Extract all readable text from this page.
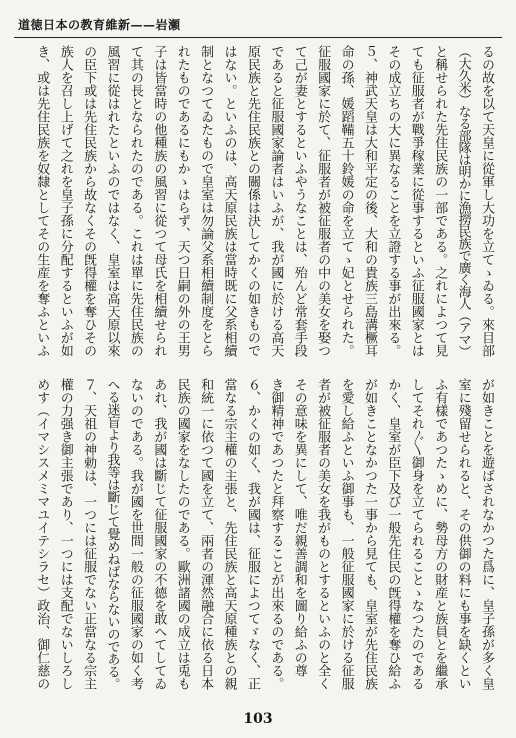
道徳日本の教育維新——岩瀬
るの故を以て天皇に從軍し大功を立てゝゐる。來目部
（大久米）なる部隊は明かに漁撈民族で廣く海人（アマ）
と稱せられた先住民族の一部である。之れによつて見
ても征服者が戰爭稼業に從事するといふ征服國家とは
その成立ちの大に異なることを立證する事が出來る。
５、神武天皇は大和平定の後、大和の貴族三島溝橛耳
命の孫、媛蹈鞴五十鈴媛の命を立てゝ妃とせられた。
征服國家に於て、征服者が被征服者の中の美女を娶つ
て己が妻とするといふやうなことは、殆んど常套手段
であると征服國家論者はいふが、我が國に於ける高天
原民族と先住民族との關係は決してかくの如きもので
はない。といふのは、高天原民族は當時既に父系相續
制となつてゐたもので皇室は勿論父系相續制度をとら
れたものであるにもかゝはらず、天つ日嗣の外の王男
子は皆當時の他種族の風習に從つて母氏を相續せられ
て其の長となられたのである。これは單に先住民族の
風習に從はれたといふのではなく、皇室は高天原以來
の臣下或は先住民族から故なくその旣得權を奪ひその
族人を召し上げて之れを皇子孫に分配するといふが如
き、或は先住民族を奴隸としてその生産を奪ふといふ
が如きことを遊ばされなかつた爲に、皇子孫が多く皇
室に殘留せられると、その供御の料にも事を缺くとい
ふ有樣であつたゝめに、勢母方の財産と族員とを繼承
してそれ〴〵御身を立てられることゝなつたのである
かく、皇室が臣下及び一般先住民の旣得權を奪ひ給ふ
が如きことなかつた一事から見ても、皇室が先住民族
を愛し給ふといふ御事も、一般征服國家に於ける征服
者が被征服者の美女を我がものとするといふのと全く
その意味を異にして、唯だ親善調和を圖り給ふの尊
き御精神であつたと拜察することが出來るのである。
６、かくの如く、我が國は、征服によつてゞなく、正
當なる宗主權の主張と、先住民族と高天原種族との親
和統一に依つて國を立て、兩者の渾然融合に依る日本
民族の國家をなしたのである。歐洲諸國の成立は兎も
あれ、我が國は斷じて征服國家の不德を敢へてしてゐ
ないのである。我が國を世間一般の征服國家の如く考
へる迷盲より我等は斷じて覺めねばならないのである。
７、天祖の神勅は、一つには征服でない正當なる宗主
權の力强き御主張であり、一つには支配でないしろし
めす（イマシスメミマユイテシラセ）政治、御仁慈の
103
